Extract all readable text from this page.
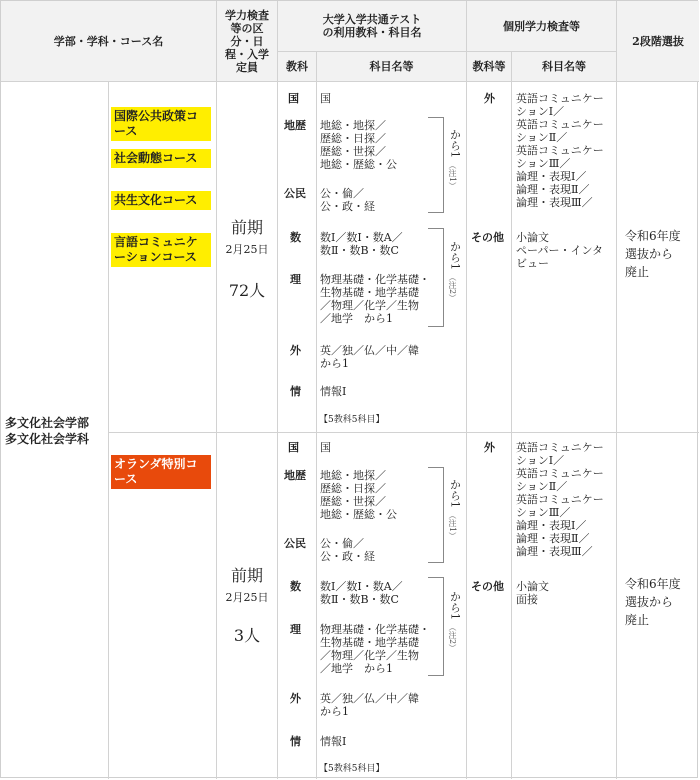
学部・学科・コース名
学力検査等の区分・日程・入学定員
大学入学共通テストの利用教科・科目名
教科	科目名等
個別学力検査等
教科等	科目名等
2段階選抜
多文化社会学部
多文化社会学科
国際公共政策コース
社会動態コース
共生文化コース
言語コミュニケーションコース
前期
2月25日
72人
国 国
地歴 地総・地探／
歴総・日探／
歴総・世探／
地総・歴総・公
公民 公・倫／
公・政・経
数 数Ⅰ／数Ⅰ・数A／
数Ⅱ・数B・数C
理 物理基礎・化学基礎・
生物基礎・地学基礎
／物理／化学／生物
／地学　から1
外 英／独／仏／中／韓
から1
情 情報Ⅰ
【5教科5科目】
から1
（注1）
から1
（注2）
外 英語コミュニケー
ションⅠ／
英語コミュニケー
ションⅡ／
英語コミュニケー
ションⅢ／
論理・表現Ⅰ／
論理・表現Ⅱ／
論理・表現Ⅲ／
その他 小論文
ペーパー・インタ
ビュー
令和6年度
選抜から
廃止
オランダ特別コース
前期
2月25日
3人
国 国
地歴 地総・地探／
歴総・日探／
歴総・世探／
地総・歴総・公
公民 公・倫／
公・政・経
数 数Ⅰ／数Ⅰ・数A／
数Ⅱ・数B・数C
理 物理基礎・化学基礎・
生物基礎・地学基礎
／物理／化学／生物
／地学　から1
外 英／独／仏／中／韓
から1
情 情報Ⅰ
【5教科5科目】
から1
（注1）
から1
（注2）
外 英語コミュニケー
ションⅠ／
英語コミュニケー
ションⅡ／
英語コミュニケー
ションⅢ／
論理・表現Ⅰ／
論理・表現Ⅱ／
論理・表現Ⅲ／
その他 小論文
面接
令和6年度
選抜から
廃止
